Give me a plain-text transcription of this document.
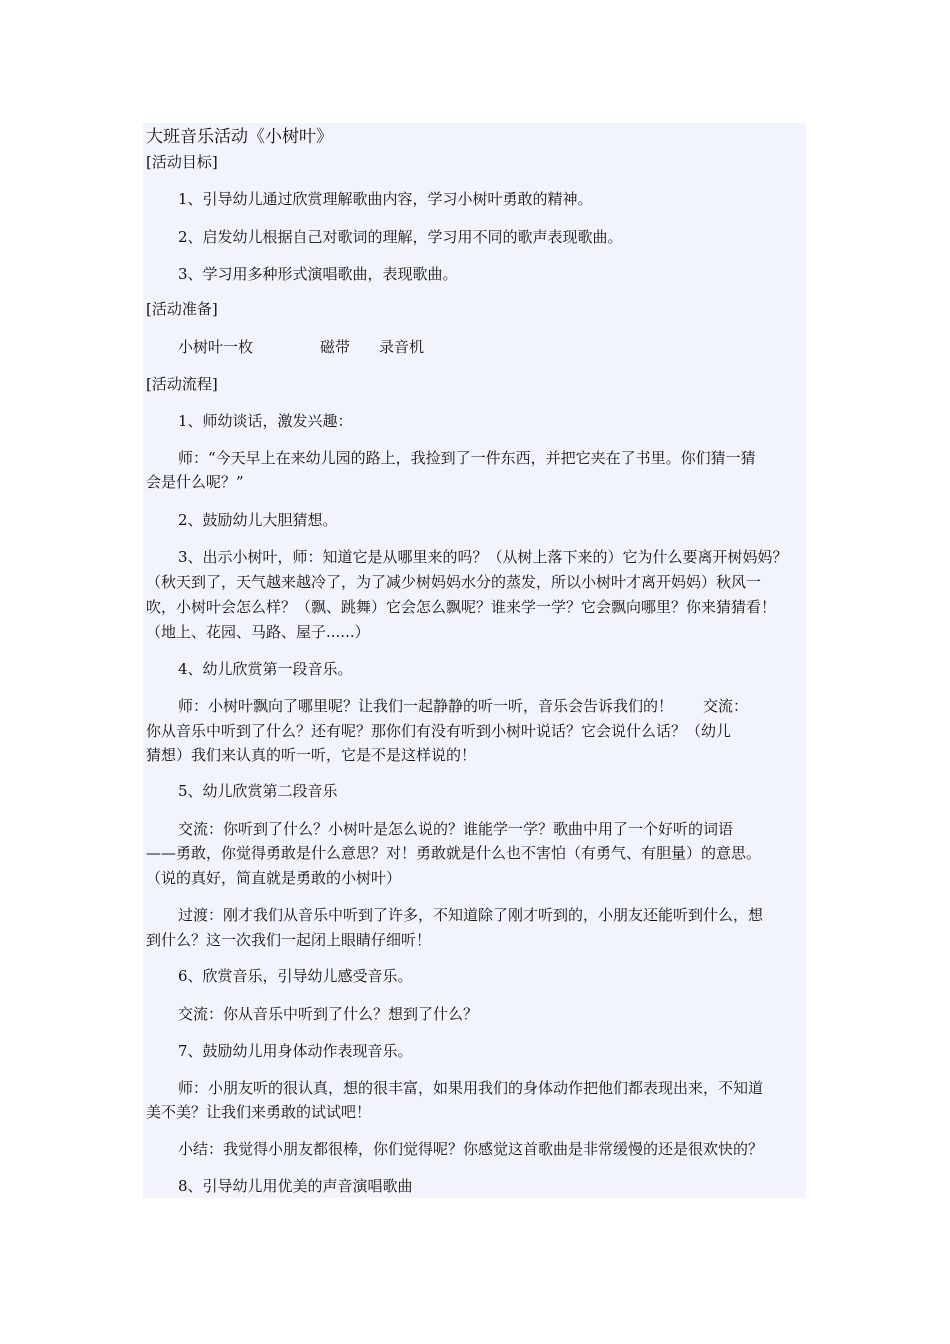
大班音乐活动《小树叶》
[活动目标]
1、引导幼儿通过欣赏理解歌曲内容，学习小树叶勇敢的精神。
2、启发幼儿根据自己对歌词的理解，学习用不同的歌声表现歌曲。
3、学习用多种形式演唱歌曲，表现歌曲。
[活动准备]
小树叶一枚	磁带 录音机
[活动流程]
1、师幼谈话，激发兴趣：
师：“今天早上在来幼儿园的路上，我捡到了一件东西，并把它夹在了书里。你们猜一猜
会是什么呢？”
2、鼓励幼儿大胆猜想。
3、出示小树叶，师：知道它是从哪里来的吗？（从树上落下来的）它为什么要离开树妈妈？
（秋天到了，天气越来越冷了，为了减少树妈妈水分的蒸发，所以小树叶才离开妈妈）秋风一
吹，小树叶会怎么样？（飘、跳舞）它会怎么飘呢？谁来学一学？它会飘向哪里？你来猜猜看！
（地上、花园、马路、屋子......）
4、幼儿欣赏第一段音乐。
师：小树叶飘向了哪里呢？让我们一起静静的听一听，音乐会告诉我们的！　　交流：
你从音乐中听到了什么？还有呢？那你们有没有听到小树叶说话？它会说什么话？（幼儿
猜想）我们来认真的听一听，它是不是这样说的！
5、幼儿欣赏第二段音乐
交流：你听到了什么？小树叶是怎么说的？谁能学一学？歌曲中用了一个好听的词语
——勇敢，你觉得勇敢是什么意思？对！勇敢就是什么也不害怕（有勇气、有胆量）的意思。
（说的真好，简直就是勇敢的小树叶）
过渡：刚才我们从音乐中听到了许多，不知道除了刚才听到的，小朋友还能听到什么，想
到什么？这一次我们一起闭上眼睛仔细听！
6、欣赏音乐，引导幼儿感受音乐。
交流：你从音乐中听到了什么？想到了什么？
7、鼓励幼儿用身体动作表现音乐。
师：小朋友听的很认真，想的很丰富，如果用我们的身体动作把他们都表现出来，不知道
美不美？让我们来勇敢的试试吧！
小结：我觉得小朋友都很棒，你们觉得呢？你感觉这首歌曲是非常缓慢的还是很欢快的？
8、引导幼儿用优美的声音演唱歌曲
